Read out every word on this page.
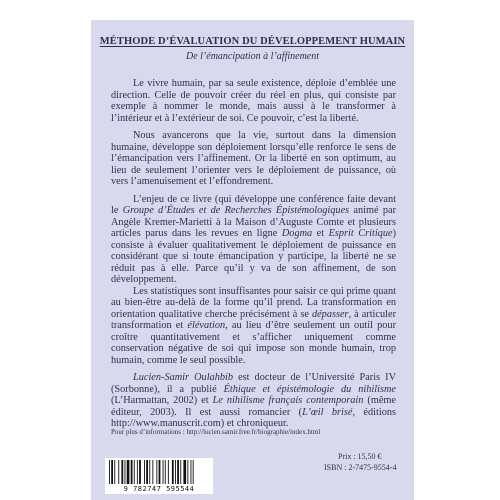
MÉTHODE D’ÉVALUATION DU DÉVELOPPEMENT HUMAIN
De l’émancipation à l’affinement

Le vivre humain, par sa seule existence, déploie d’emblée une direction. Celle de pouvoir créer du réel en plus, qui consiste par exemple à nommer le monde, mais aussi à le transformer à l’intérieur et à l’extérieur de soi. Ce pouvoir, c’est la liberté.

Nous avancerons que la vie, surtout dans la dimension humaine, développe son déploiement lorsqu’elle renforce le sens de l’émancipation vers l’affinement. Or la liberté en son optimum, au lieu de seulement l’orienter vers le déploiement de puissance, où vers l’amenuisement et l’effondrement.

L’enjeu de ce livre (qui développe une conférence faite devant le Groupe d’Études et de Recherches Épistémologiques animé par Angèle Kremer-Marietti à la Maison d’Auguste Comte et plusieurs articles parus dans les revues en ligne Dogma et Esprit Critique) consiste à évaluer qualitativement le déploiement de puissance en considérant que si toute émancipation y participe, la liberté ne se réduit pas à elle. Parce qu’il y va de son affinement, de son développement.

Les statistiques sont insuffisantes pour saisir ce qui prime quant au bien-être au-delà de la forme qu’il prend. La transformation en orientation qualitative cherche précisément à se dépasser, à articuler transformation et élévation, au lieu d’être seulement un outil pour croître quantitativement et s’afficher uniquement comme conservation négative de soi qui impose son monde humain, trop humain, comme le seul possible.

Lucien-Samir Oulahbib est docteur de l’Université Paris IV (Sorbonne), il a publié Éthique et épistémologie du nihilisme (L’Harmattan, 2002) et Le nihilisme français contemporain (même éditeur, 2003). Il est aussi romancier (L’œil brisé, éditions http://www.manuscrit.com) et chroniqueur.

Pour plus d’informations : http://lucien.samir.free.fr/biographie/index.html
9 782747 595544
Prix : 15,50 €
ISBN : 2-7475-9554-4
